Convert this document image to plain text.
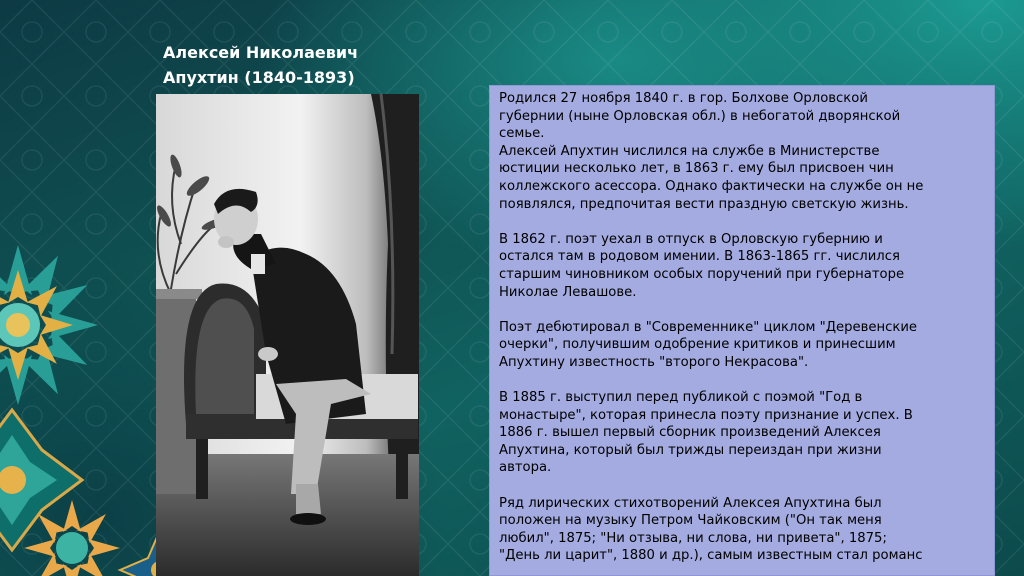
Алексей Николаевич
Апухтин (1840-1893)
Родился 27 ноября 1840 г. в гор. Болхове Орловской
губернии (ныне Орловская обл.) в небогатой дворянской
семье.
Алексей Апухтин числился на службе в Министерстве
юстиции несколько лет, в 1863 г. ему был присвоен чин
коллежского асессора. Однако фактически на службе он не
появлялся, предпочитая вести праздную светскую жизнь.
В 1862 г. поэт уехал в отпуск в Орловскую губернию и
остался там в родовом имении. В 1863-1865 гг. числился
старшим чиновником особых поручений при губернаторе
Николае Левашове.
Поэт дебютировал в "Современнике" циклом "Деревенские
очерки", получившим одобрение критиков и принесшим
Апухтину известность "второго Некрасова".
В 1885 г. выступил перед публикой с поэмой "Год в
монастыре", которая принесла поэту признание и успех. В
1886 г. вышел первый сборник произведений Алексея
Апухтина, который был трижды переиздан при жизни
автора.
Ряд лирических стихотворений Алексея Апухтина был
положен на музыку Петром Чайковским ("Он так меня
любил", 1875; "Ни отзыва, ни слова, ни привета", 1875;
"День ли царит", 1880 и др.), самым известным стал романс
